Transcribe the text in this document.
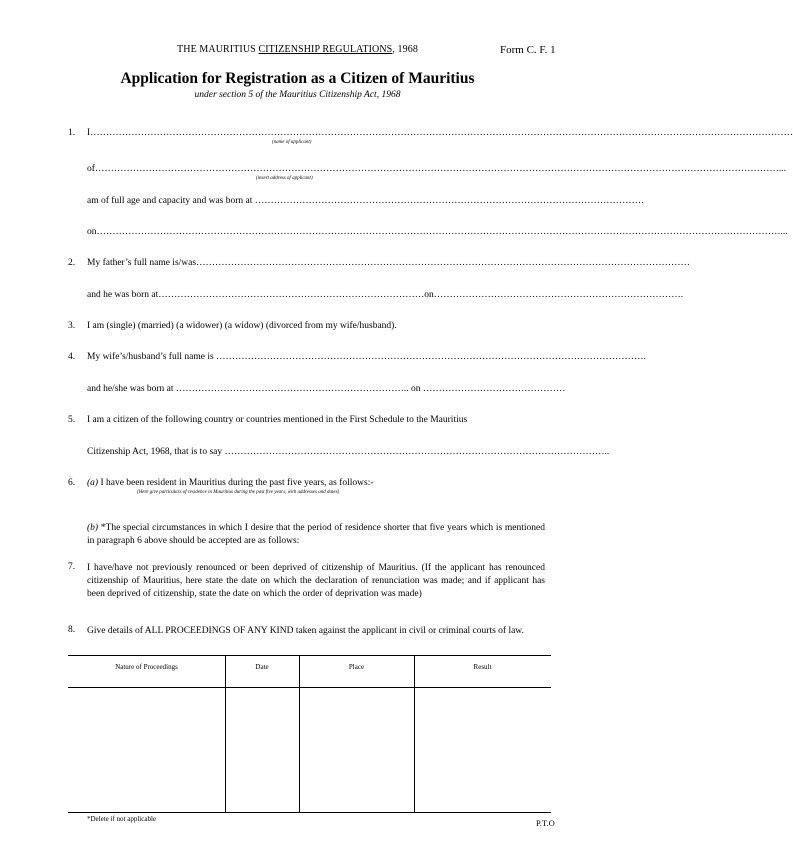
THE MAURITIUS CITIZENSHIP REGULATIONS, 1968	Form C. F. 1
Application for Registration as a Citizen of Mauritius
under section 5 of the Mauritius Citizenship Act, 1968
1. I……………………………………………………………………………………………………………………………………………………………………………………………………
(name of applicant)
of………………………………………………………………………………………………………………………………………………………………………………………………...
(insert address of applicant)
am of full age and capacity and was born at ……………………………………………………………………………………………………………
on………………………………………………………………………………………………………………………………………………………………………………………………...
2. My father’s full name is/was…………………………………………………………………………………………………………………………………………
and he was born at…………………………………………………………………………on…………………………………………………………………….
3. I am (single) (married) (a widower) (a widow) (divorced from my wife/husband).
4. My wife’s/husband’s full name is ……………………………………………………………………………………………………………………….
and he/she was born at ……………………………………………………………….. on ………………………………………
5. I am a citizen of the following country or countries mentioned in the First Schedule to the Mauritius
Citizenship Act, 1968, that is to say …………………………………………………………………………………………………………..
6. (a) I have been resident in Mauritius during the past five years, as follows:-
(Here give particulars of residence in Mauritius during the past five years, with addresses and dates)
(b) *The special circumstances in which I desire that the period of residence shorter that five years which is mentioned in paragraph 6 above should be accepted are as follows:
7. I have/have not previously renounced or been deprived of citizenship of Mauritius. (If the applicant has renounced citizenship of Mauritius, here state the date on which the declaration of renunciation was made; and if applicant has been deprived of citizenship, state the date on which the order of deprivation was made)
8. Give details of ALL PROCEEDINGS OF ANY KIND taken against the applicant in civil or criminal courts of law.
Nature of Proceedings	Date	Place	Result
*Delete if not applicable	P.T.O
